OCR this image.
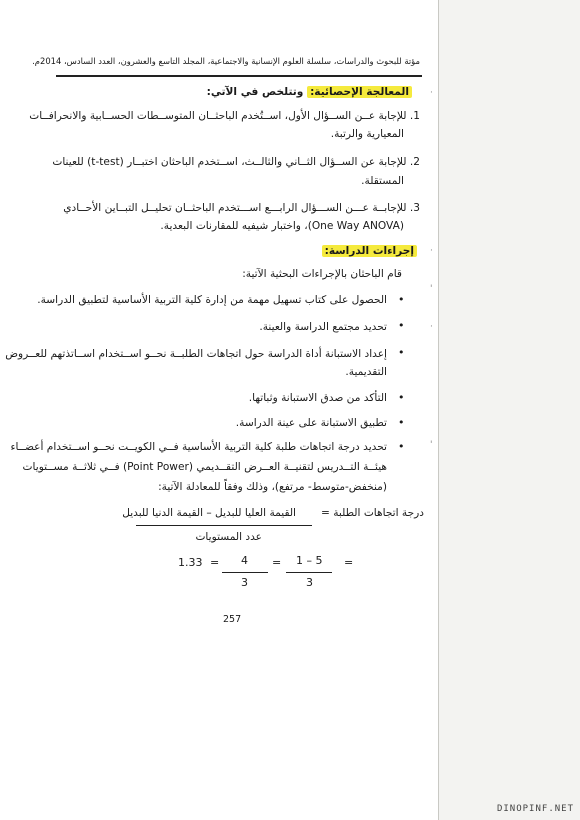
مؤتة للبحوث والدراسات، سلسلة العلوم الإنسانية والاجتماعية، المجلد التاسع والعشرون، العدد السادس، 2014م.
المعالجة الإحصائية: وتتلخص في الآتي:	·
1. للإجابة عــن الســؤال الأول، اســتُخدم الباحثــان المتوســطات الحســابية والانحرافــات
المعيارية والرتبة.
2. للإجابة عن الســؤال الثــاني والثالــث، اســتخدم الباحثان اختبــار (t-test) للعينات
المستقلة.
3. للإجابــة عـــن الســـؤال الرابـــع اســـتخدم الباحثــان تحليــل التبــاين الأحــادي
(One Way ANOVA)، واختبار شيفيه للمقارنات البعدية.
إجراءات الدراسة:	·
قام الباحثان بالإجراءات البحثية الآتية:
•
الحصول على كتاب تسهيل مهمة من إدارة كلية التربية الأساسية لتطبيق الدراسة.
•
تحديد مجتمع الدراسة والعينة.	·
•
إعداد الاستبانة أداة الدراسة حول اتجاهات الطلبــة نحــو اســتخدام اســاتذتهم للعــروض
التقديمية.
•
التأكد من صدق الاستبانة وثباتها.
•
تطبيق الاستبانة على عينة الدراسة.
•
تحديد درجة اتجاهات طلبة كلية التربية الأساسية فــي الكويــت نحــو اســتخدام أعضــاء
هيئــة التــدريس لتقنيــة العــرض التقــديمي (Point Power) فــي ثلاثــة مســتويات
(منخفض-متوسط- مرتفع)، وذلك وفقاً للمعادلة الآتية:
درجة اتجاهات الطلبة =
القيمة العليا للبديل – القيمة الدنيا للبديل
عدد المستويات
=
1 – 5
3
=
4
3
=
1.33
257
'
'
DINOPINF.NET
